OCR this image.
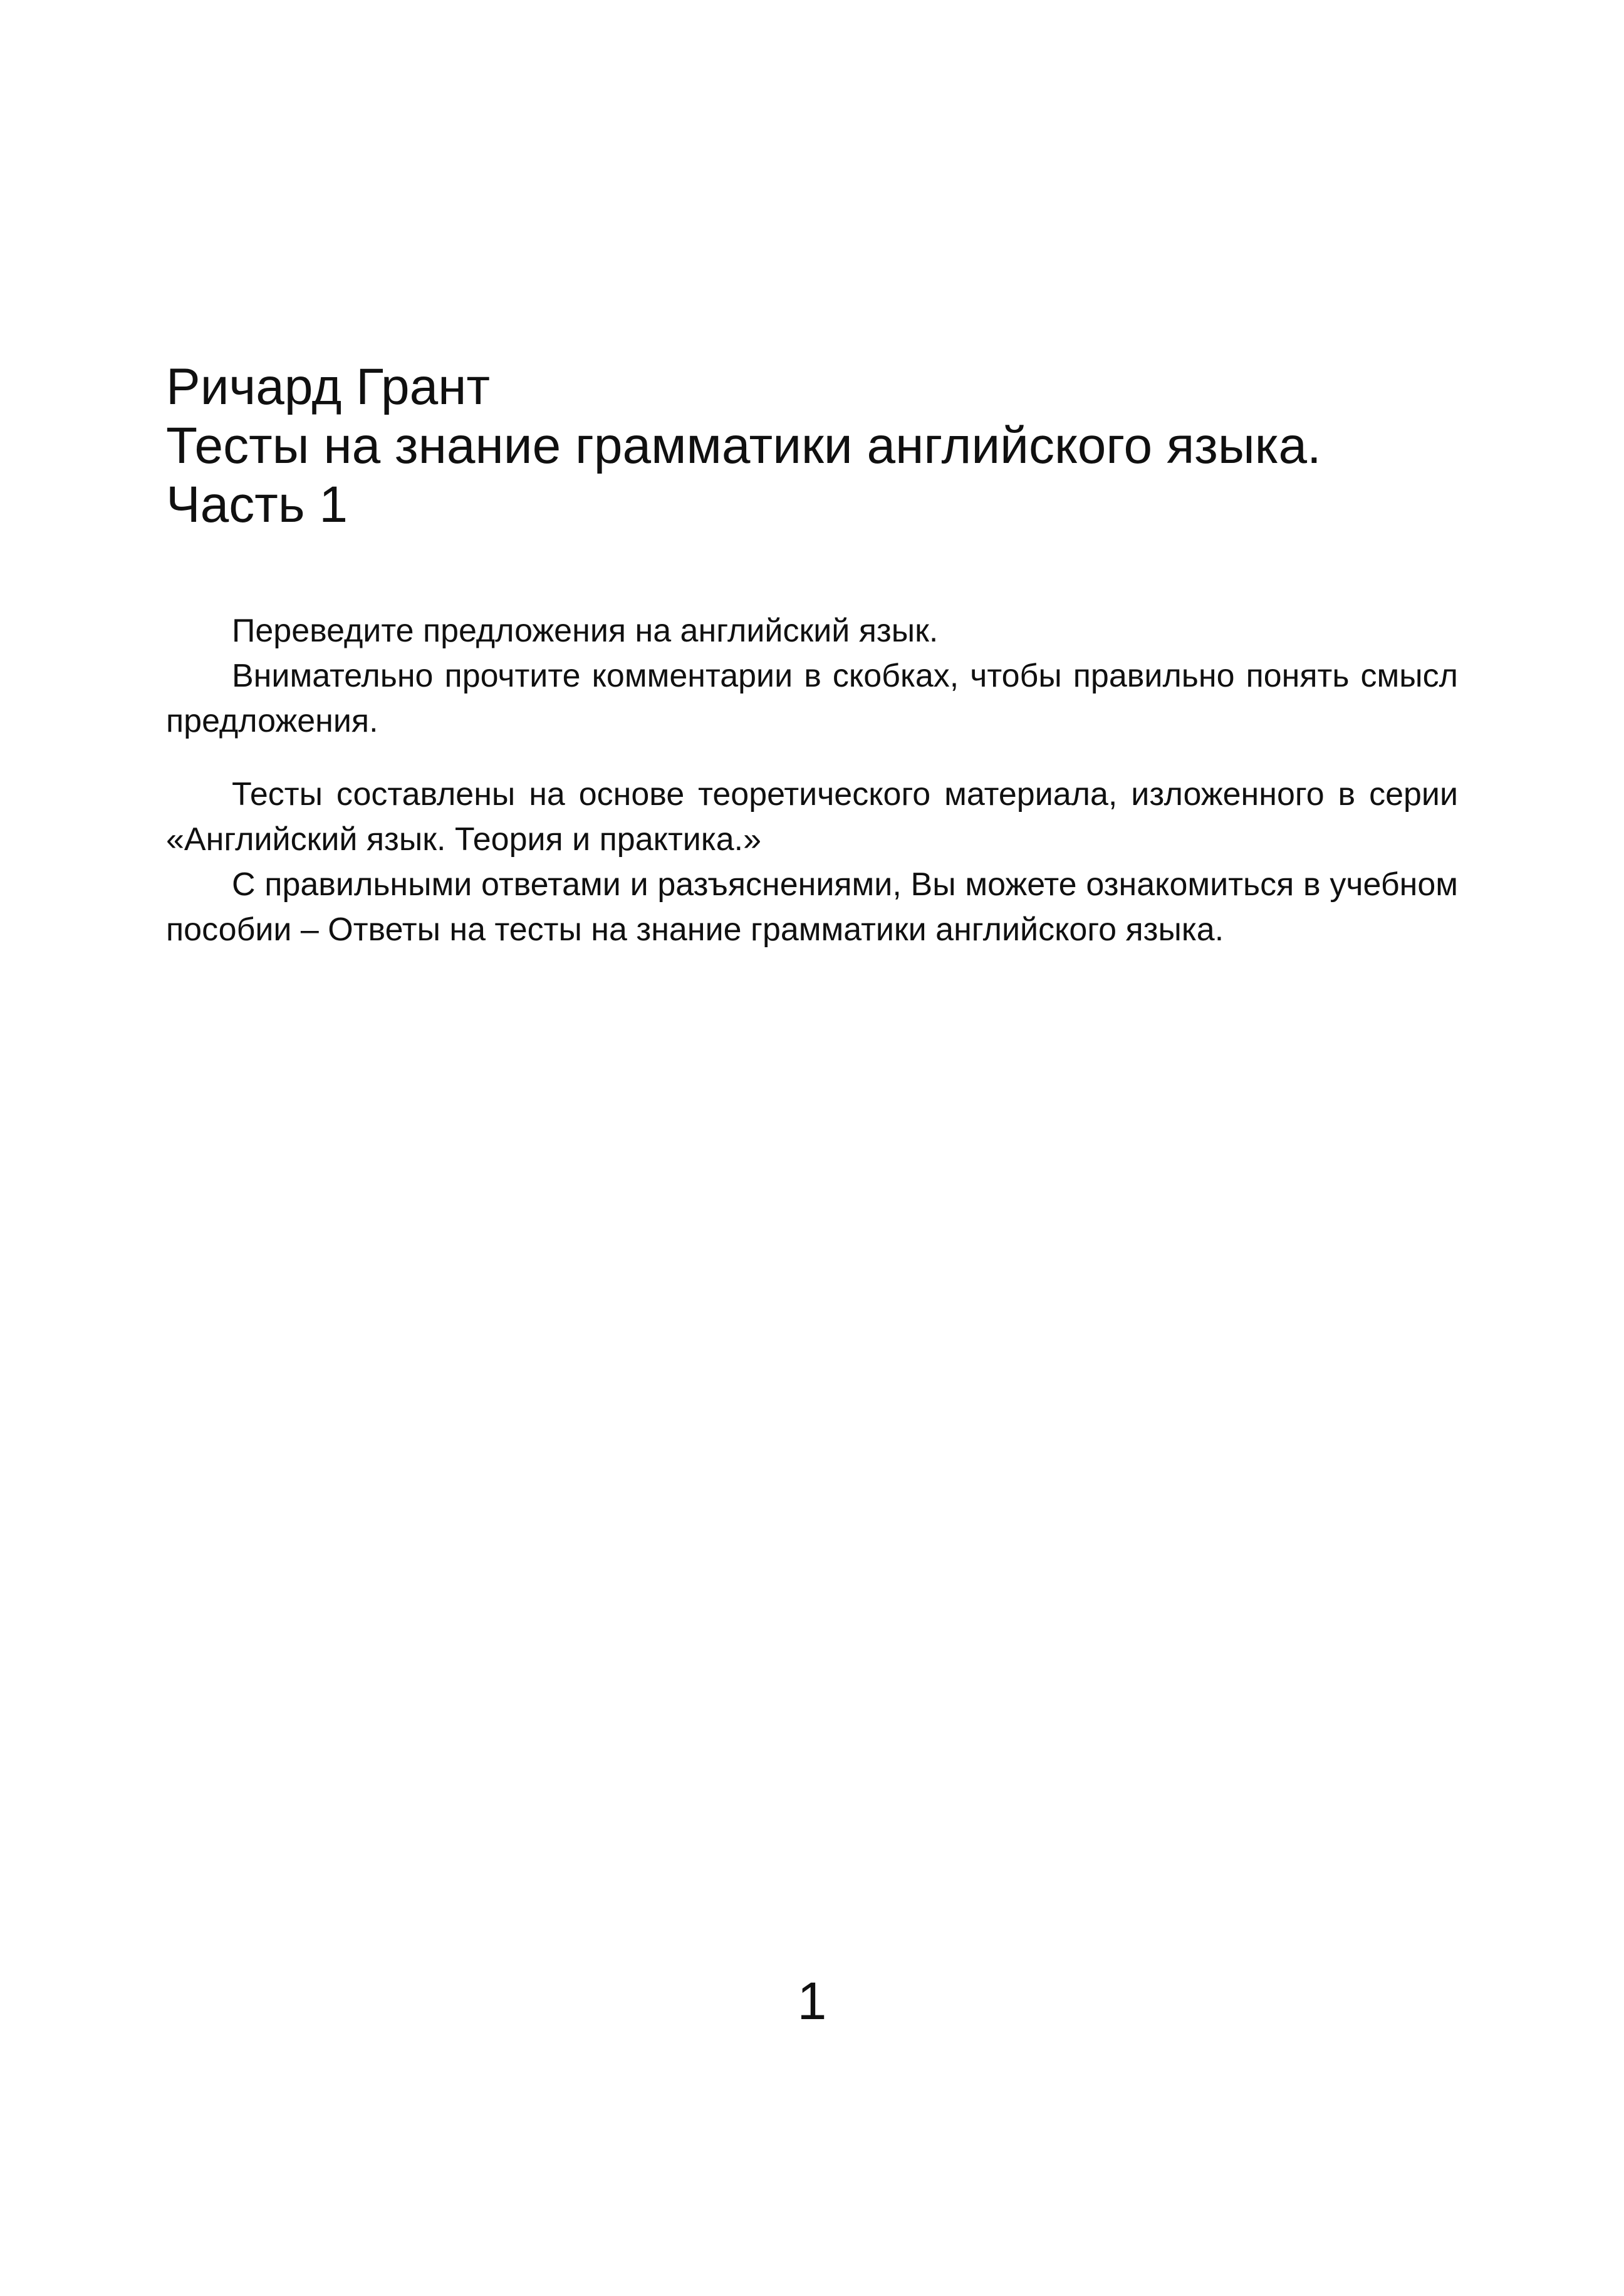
Ричард Грант
Тесты на знание грамматики английского языка.
Часть 1

Переведите предложения на английский язык.

Внимательно прочтите комментарии в скобках, чтобы правильно понять смысл предложения.

Тесты составлены на основе теоретического материала, изложенного в серии «Английский язык. Теория и практика.»

С правильными ответами и разъяснениями, Вы можете ознакомиться в учебном пособии – Ответы на тесты на знание грамматики английского языка.

1
